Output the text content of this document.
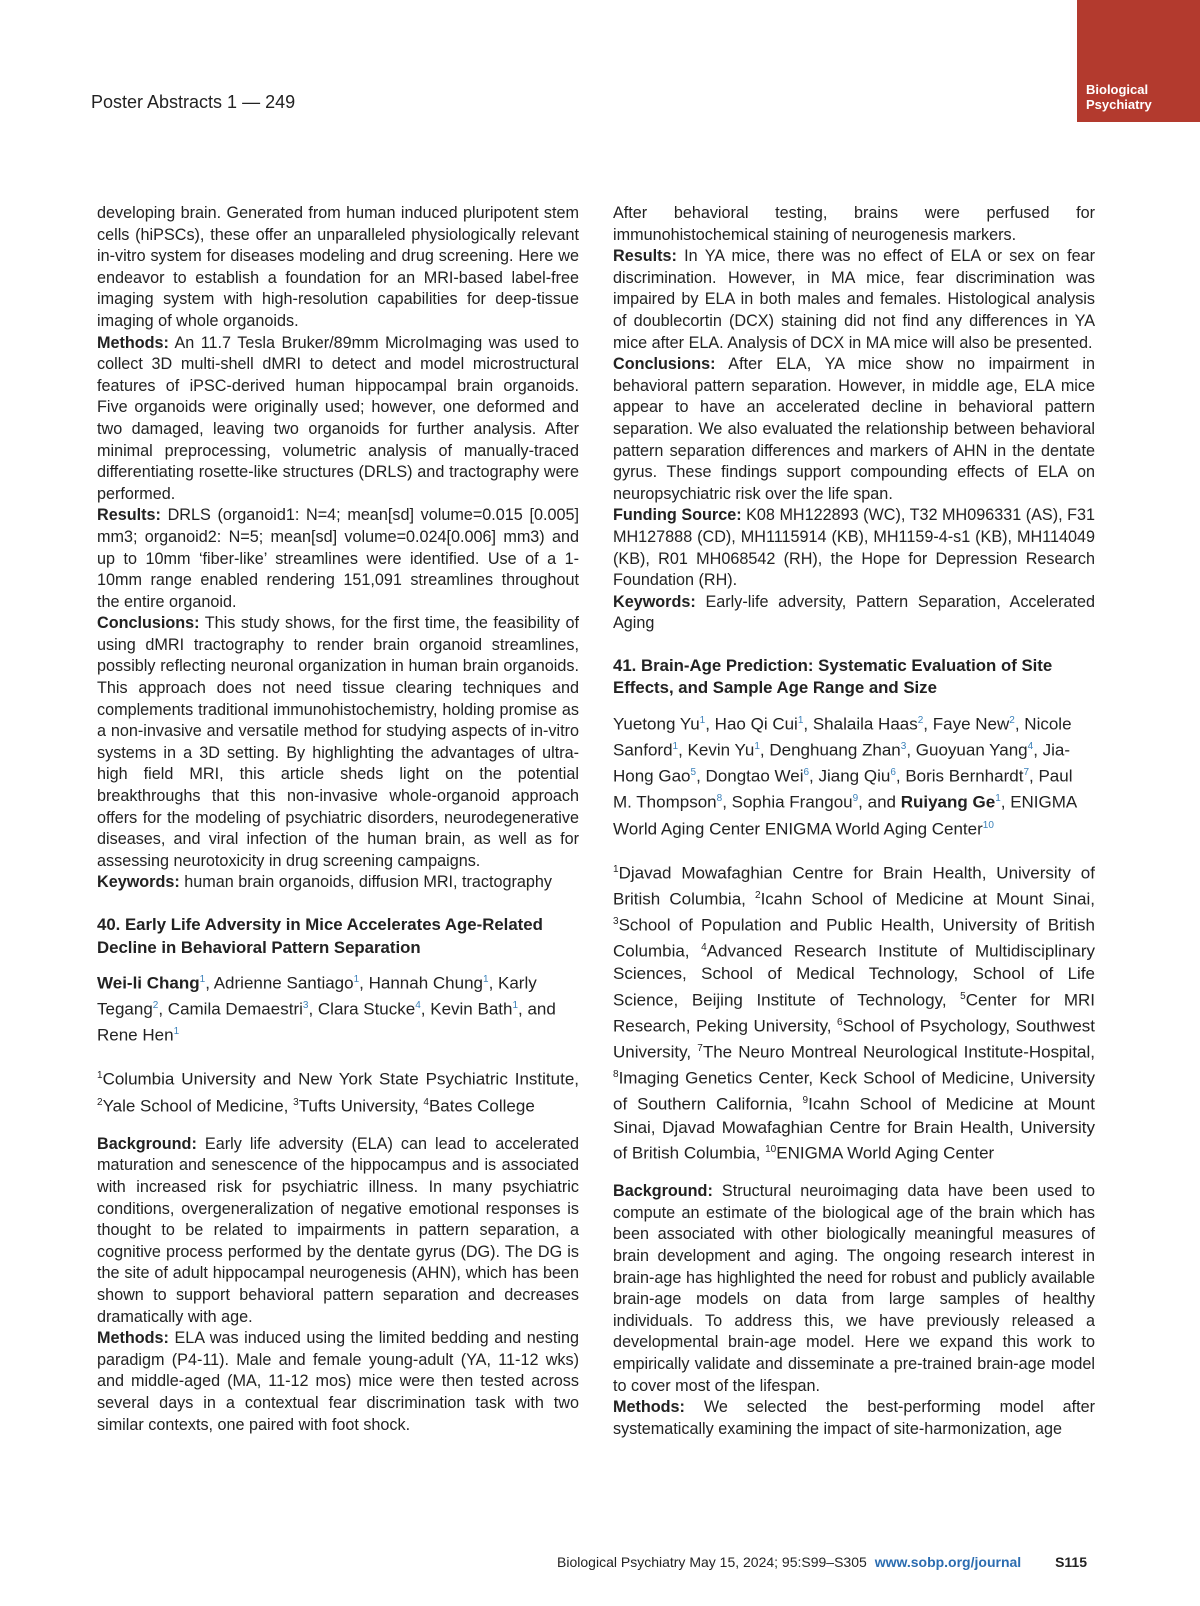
Poster Abstracts 1 — 249
Biological
Psychiatry

developing brain. Generated from human induced pluripotent stem cells (hiPSCs), these offer an unparalleled physiologically relevant in-vitro system for diseases modeling and drug screening. Here we endeavor to establish a foundation for an MRI-based label-free imaging system with high-resolution capabilities for deep-tissue imaging of whole organoids.

Methods: An 11.7 Tesla Bruker/89mm MicroImaging was used to collect 3D multi-shell dMRI to detect and model microstructural features of iPSC-derived human hippocampal brain organoids. Five organoids were originally used; however, one deformed and two damaged, leaving two organoids for further analysis. After minimal preprocessing, volumetric analysis of manually-traced differentiating rosette-like structures (DRLS) and tractography were performed.

Results: DRLS (organoid1: N=4; mean[sd] volume=0.015 [0.005] mm3; organoid2: N=5; mean[sd] volume=0.024[0.006] mm3) and up to 10mm ‘fiber-like’ streamlines were identified. Use of a 1-10mm range enabled rendering 151,091 streamlines throughout the entire organoid.

Conclusions: This study shows, for the first time, the feasibility of using dMRI tractography to render brain organoid streamlines, possibly reflecting neuronal organization in human brain organoids. This approach does not need tissue clearing techniques and complements traditional immunohistochemistry, holding promise as a non-invasive and versatile method for studying aspects of in-vitro systems in a 3D setting. By highlighting the advantages of ultra-high field MRI, this article sheds light on the potential breakthroughs that this non-invasive whole-organoid approach offers for the modeling of psychiatric disorders, neurodegenerative diseases, and viral infection of the human brain, as well as for assessing neurotoxicity in drug screening campaigns.

Keywords: human brain organoids, diffusion MRI, tractography

40. Early Life Adversity in Mice Accelerates Age-Related Decline in Behavioral Pattern Separation

Wei-li Chang$^1$, Adrienne Santiago$^1$, Hannah Chung$^1$, Karly Tegang$^2$, Camila Demaestri$^3$, Clara Stucke$^4$, Kevin Bath$^1$, and Rene Hen$^1$

$^1$Columbia University and New York State Psychiatric Institute, $^2$Yale School of Medicine, $^3$Tufts University, $^4$Bates College

Background: Early life adversity (ELA) can lead to accelerated maturation and senescence of the hippocampus and is associated with increased risk for psychiatric illness. In many psychiatric conditions, overgeneralization of negative emotional responses is thought to be related to impairments in pattern separation, a cognitive process performed by the dentate gyrus (DG). The DG is the site of adult hippocampal neurogenesis (AHN), which has been shown to support behavioral pattern separation and decreases dramatically with age.

Methods: ELA was induced using the limited bedding and nesting paradigm (P4-11). Male and female young-adult (YA, 11-12 wks) and middle-aged (MA, 11-12 mos) mice were then tested across several days in a contextual fear discrimination task with two similar contexts, one paired with foot shock.

After behavioral testing, brains were perfused for immunohistochemical staining of neurogenesis markers.

Results: In YA mice, there was no effect of ELA or sex on fear discrimination. However, in MA mice, fear discrimination was impaired by ELA in both males and females. Histological analysis of doublecortin (DCX) staining did not find any differences in YA mice after ELA. Analysis of DCX in MA mice will also be presented.

Conclusions: After ELA, YA mice show no impairment in behavioral pattern separation. However, in middle age, ELA mice appear to have an accelerated decline in behavioral pattern separation. We also evaluated the relationship between behavioral pattern separation differences and markers of AHN in the dentate gyrus. These findings support compounding effects of ELA on neuropsychiatric risk over the life span.

Funding Source: K08 MH122893 (WC), T32 MH096331 (AS), F31 MH127888 (CD), MH1115914 (KB), MH1159-4-s1 (KB), MH114049 (KB), R01 MH068542 (RH), the Hope for Depression Research Foundation (RH).

Keywords: Early-life adversity, Pattern Separation, Accelerated Aging

41. Brain-Age Prediction: Systematic Evaluation of Site Effects, and Sample Age Range and Size

Yuetong Yu$^1$, Hao Qi Cui$^1$, Shalaila Haas$^2$, Faye New$^2$, Nicole Sanford$^1$, Kevin Yu$^1$, Denghuang Zhan$^3$, Guoyuan Yang$^4$, Jia-Hong Gao$^5$, Dongtao Wei$^6$, Jiang Qiu$^6$, Boris Bernhardt$^7$, Paul M. Thompson$^8$, Sophia Frangou$^9$, and Ruiyang Ge$^1$, ENIGMA World Aging Center ENIGMA World Aging Center$^{10}$

$^1$Djavad Mowafaghian Centre for Brain Health, University of British Columbia, $^2$Icahn School of Medicine at Mount Sinai, $^3$School of Population and Public Health, University of British Columbia, $^4$Advanced Research Institute of Multidisciplinary Sciences, School of Medical Technology, School of Life Science, Beijing Institute of Technology, $^5$Center for MRI Research, Peking University, $^6$School of Psychology, Southwest University, $^7$The Neuro Montreal Neurological Institute-Hospital, $^8$Imaging Genetics Center, Keck School of Medicine, University of Southern California, $^9$Icahn School of Medicine at Mount Sinai, Djavad Mowafaghian Centre for Brain Health, University of British Columbia, $^{10}$ENIGMA World Aging Center

Background: Structural neuroimaging data have been used to compute an estimate of the biological age of the brain which has been associated with other biologically meaningful measures of brain development and aging. The ongoing research interest in brain-age has highlighted the need for robust and publicly available brain-age models on data from large samples of healthy individuals. To address this, we have previously released a developmental brain-age model. Here we expand this work to empirically validate and disseminate a pre-trained brain-age model to cover most of the lifespan.

Methods: We selected the best-performing model after systematically examining the impact of site-harmonization, age

Biological Psychiatry May 15, 2024; 95:S99–S305 www.sobp.org/journal S115
